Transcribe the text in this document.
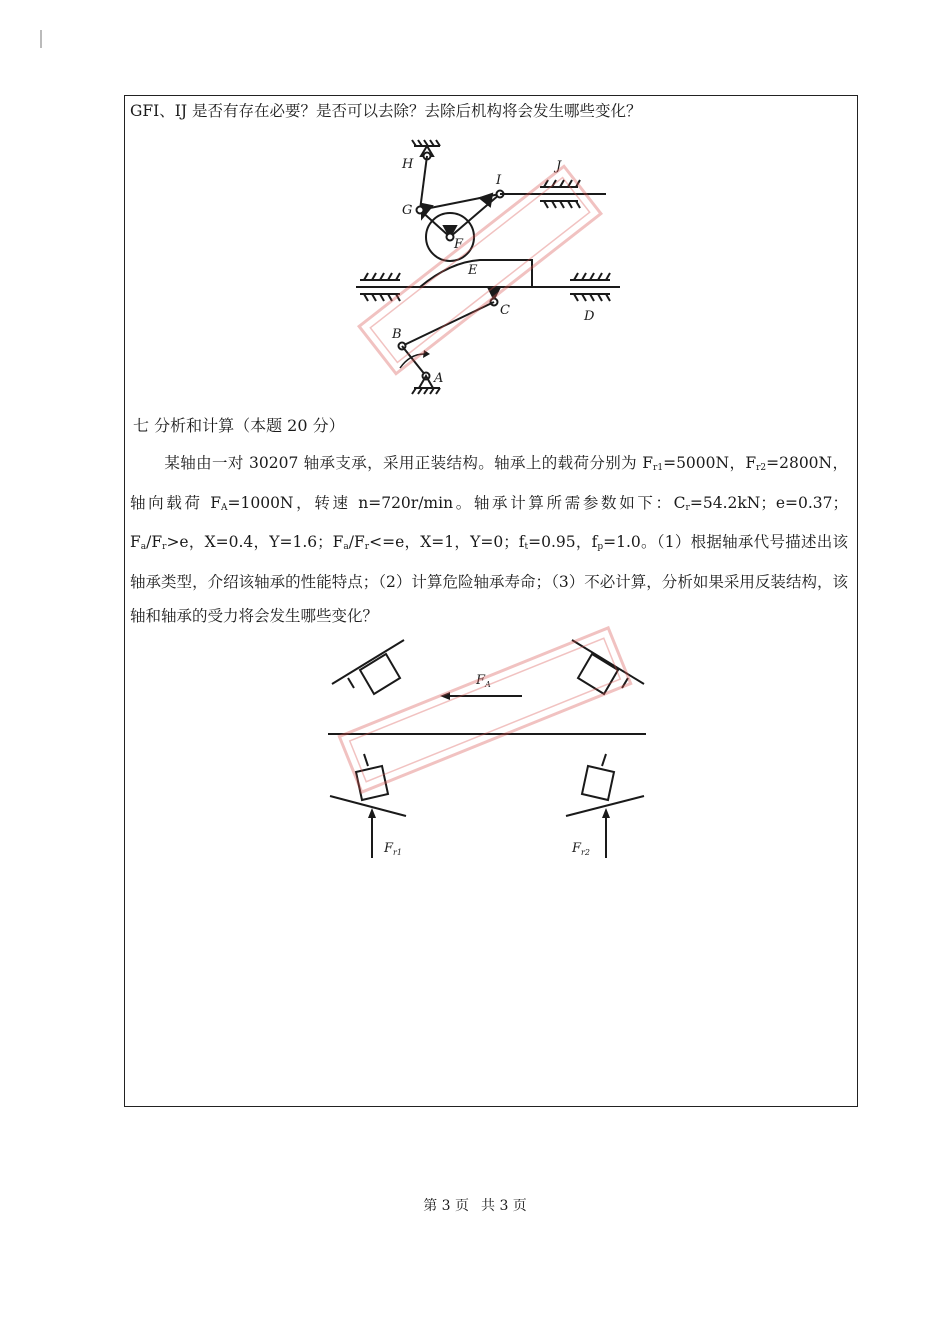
GFI、IJ 是否有存在必要？是否可以去除？去除后机构将会发生哪些变化？
H	J
I
G
F
E
C	D
B
A
七 分析和计算（本题 20 分）
某轴由一对 30207 轴承支承，采用正装结构。轴承上的载荷分别为 $F_{r1}=5000N$，$F_{r2}=2800N$，轴向载荷 $F_A=1000N$，转速 n=720r/min。轴承计算所需参数如下：$C_r=54.2kN$；e=0.37；$F_a/F_r>e$，X=0.4，Y=1.6；$F_a/F_r<=e$，X=1，Y=0；$f_t=0.95$，$f_p=1.0$。（1）根据轴承代号描述出该轴承类型，介绍该轴承的性能特点；（2）计算危险轴承寿命；（3）不必计算，分析如果采用反装结构，该轴和轴承的受力将会发生哪些变化？
$F_A$
$F_{r1}$	$F_{r2}$
第 3 页 共 3 页
